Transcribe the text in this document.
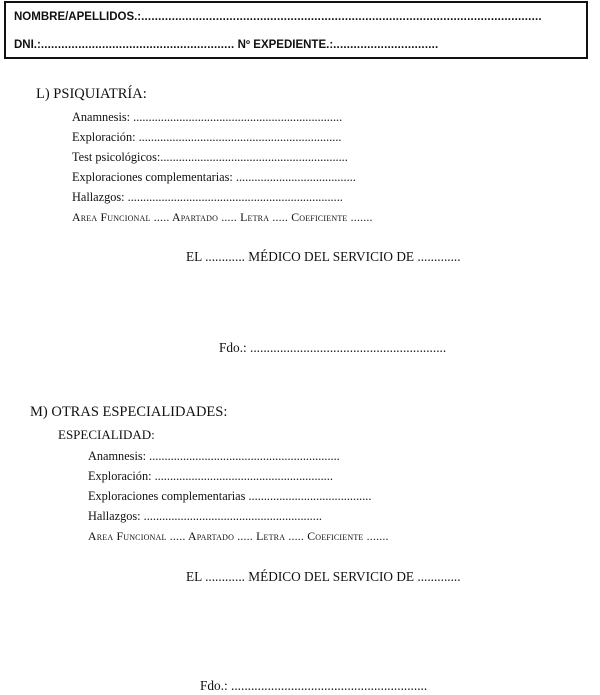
NOMBRE/APELLIDOS.:......................................................................................................................
DNI.:......................................................... Nº EXPEDIENTE.:...............................
L) PSIQUIATRÍA:
Anamnesis: ....................................................................
Exploración: ..................................................................
Test psicológicos:.............................................................
Exploraciones complementarias: .......................................
Hallazgos: ......................................................................
Area Funcional ..... Apartado ..... Letra ..... Coeficiente .......
EL ............ MÉDICO DEL SERVICIO DE .............
Fdo.: ...........................................................
M) OTRAS ESPECIALIDADES:
ESPECIALIDAD:
Anamnesis: ..............................................................
Exploración: ..........................................................
Exploraciones complementarias ........................................
Hallazgos: ..........................................................
Area Funcional ..... Apartado ..... Letra ..... Coeficiente .......
EL ............ MÉDICO DEL SERVICIO DE .............
Fdo.: ...........................................................
